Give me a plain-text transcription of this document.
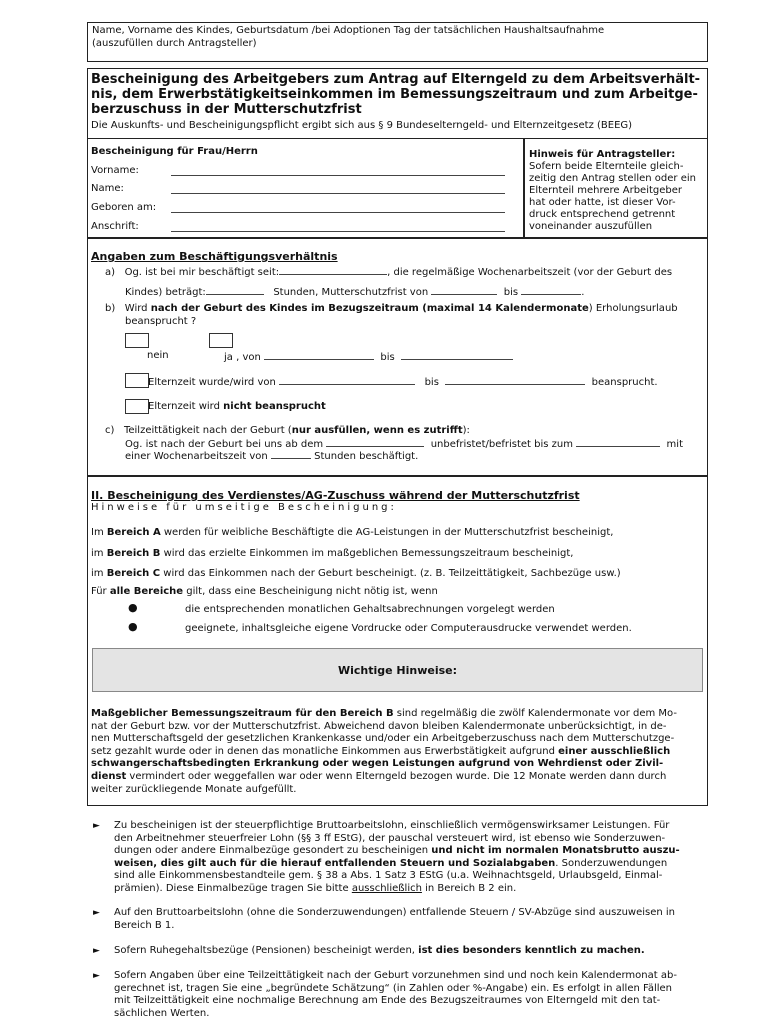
Name, Vorname des Kindes, Geburtsdatum /bei Adoptionen Tag der tatsächlichen Haushaltsaufnahme
(auszufüllen durch Antragsteller)
Bescheinigung des Arbeitgebers zum Antrag auf Elterngeld zu dem Arbeitsverhält-
nis, dem Erwerbstätigkeitseinkommen im Bemessungszeitraum und zum Arbeitge-
berzuschuss in der Mutterschutzfrist
Die Auskunfts- und Bescheinigungspflicht ergibt sich aus § 9 Bundeselterngeld- und Elternzeitgesetz (BEEG)
Bescheinigung für Frau/Herrn
Vorname:
Name:
Geboren am:
Anschrift:
Hinweis für Antragsteller:
Sofern beide Elternteile gleich-
zeitig den Antrag stellen oder ein
Elternteil mehrere Arbeitgeber
hat oder hatte, ist dieser Vor-
druck entsprechend getrennt
voneinander auszufüllen
Angaben zum Beschäftigungsverhältnis
a) Og. ist bei mir beschäftigt seit:	, die regelmäßige Wochenarbeitszeit (vor der Geburt des
Kindes) beträgt:	Stunden, Mutterschutzfrist von	bis	.
b) Wird nach der Geburt des Kindes im Bezugszeitraum (maximal 14 Kalendermonate) Erholungsurlaub
beansprucht ?
nein	ja , von	bis
Elternzeit wurde/wird von	bis	beansprucht.
Elternzeit wird nicht beansprucht
c) Teilzeittätigkeit nach der Geburt (nur ausfüllen, wenn es zutrifft):
Og. ist nach der Geburt bei uns ab dem	unbefristet/befristet bis zum	mit
einer Wochenarbeitszeit von	Stunden beschäftigt.
II. Bescheinigung des Verdienstes/AG-Zuschuss während der Mutterschutzfrist
Hinweise für umseitige Bescheinigung:
Im Bereich A werden für weibliche Beschäftigte die AG-Leistungen in der Mutterschutzfrist bescheinigt,
im Bereich B wird das erzielte Einkommen im maßgeblichen Bemessungszeitraum bescheinigt,
im Bereich C wird das Einkommen nach der Geburt bescheinigt. (z. B. Teilzeittätigkeit, Sachbezüge usw.)
Für alle Bereiche gilt, dass eine Bescheinigung nicht nötig ist, wenn
●	die entsprechenden monatlichen Gehaltsabrechnungen vorgelegt werden
●	geeignete, inhaltsgleiche eigene Vordrucke oder Computerausdrucke verwendet werden.
Wichtige Hinweise:
Maßgeblicher Bemessungszeitraum für den Bereich B sind regelmäßig die zwölf Kalendermonate vor dem Mo-
nat der Geburt bzw. vor der Mutterschutzfrist. Abweichend davon bleiben Kalendermonate unberücksichtigt, in de-
nen Mutterschaftsgeld der gesetzlichen Krankenkasse und/oder ein Arbeitgeberzuschuss nach dem Mutterschutzge-
setz gezahlt wurde oder in denen das monatliche Einkommen aus Erwerbstätigkeit aufgrund einer ausschließlich
schwangerschaftsbedingten Erkrankung oder wegen Leistungen aufgrund von Wehrdienst oder Zivil-
dienst vermindert oder weggefallen war oder wenn Elterngeld bezogen wurde. Die 12 Monate werden dann durch
weiter zurückliegende Monate aufgefüllt.
► Zu bescheinigen ist der steuerpflichtige Bruttoarbeitslohn, einschließlich vermögenswirksamer Leistungen. Für
den Arbeitnehmer steuerfreier Lohn (§§ 3 ff EStG), der pauschal versteuert wird, ist ebenso wie Sonderzuwen-
dungen oder andere Einmalbezüge gesondert zu bescheinigen und nicht im normalen Monatsbrutto auszu-
weisen, dies gilt auch für die hierauf entfallenden Steuern und Sozialabgaben. Sonderzuwendungen
sind alle Einkommensbestandteile gem. § 38 a Abs. 1 Satz 3 EStG (u.a. Weihnachtsgeld, Urlaubsgeld, Einmal-
prämien). Diese Einmalbezüge tragen Sie bitte ausschließlich in Bereich B 2 ein.
► Auf den Bruttoarbeitslohn (ohne die Sonderzuwendungen) entfallende Steuern / SV-Abzüge sind auszuweisen in
Bereich B 1.
► Sofern Ruhegehaltsbezüge (Pensionen) bescheinigt werden, ist dies besonders kenntlich zu machen.
► Sofern Angaben über eine Teilzeittätigkeit nach der Geburt vorzunehmen sind und noch kein Kalendermonat ab-
gerechnet ist, tragen Sie eine „begründete Schätzung“ (in Zahlen oder %-Angabe) ein. Es erfolgt in allen Fällen
mit Teilzeittätigkeit eine nochmalige Berechnung am Ende des Bezugszeitraumes von Elterngeld mit den tat-
sächlichen Werten.
